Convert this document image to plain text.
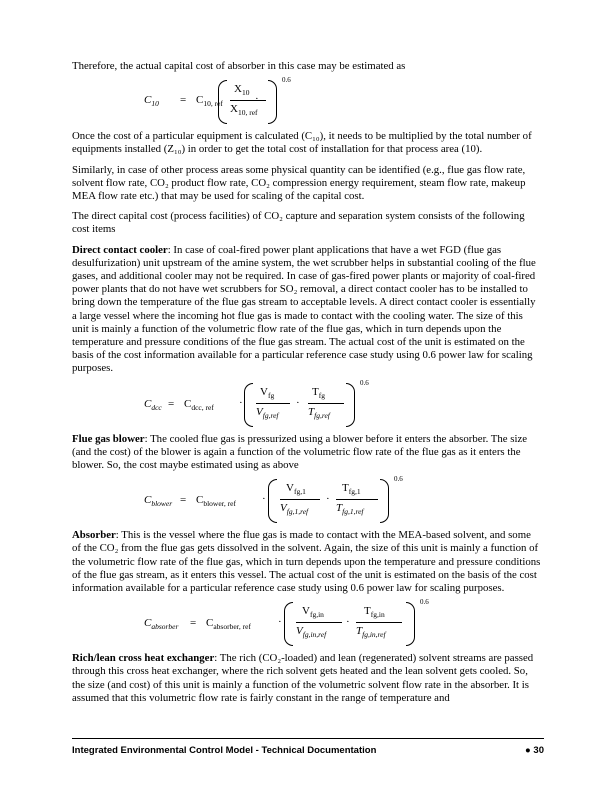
Therefore, the actual capital cost of absorber in this case may be estimated as

$C_{10} = C_{10, ref}$	·
$X_{10}$
$X_{10, ref}$
0.6

Once the cost of a particular equipment is calculated (C₁₀), it needs to be multiplied by the total number of equipments installed (Z₁₀) in order to get the total cost of installation for that process area (10).

Similarly, in case of other process areas some physical quantity can be identified (e.g., flue gas flow rate, solvent flow rate, CO₂ product flow rate, CO₂ compression energy requirement, steam flow rate, makeup MEA flow rate etc.) that may be used for scaling of the capital cost.

The direct capital cost (process facilities) of CO₂ capture and separation system consists of the following cost items

Direct contact cooler: In case of coal-fired power plant applications that have a wet FGD (flue gas desulfurization) unit upstream of the amine system, the wet scrubber helps in substantial cooling of the flue gases, and additional cooler may not be required. In case of gas-fired power plants or majority of coal-fired power plants that do not have wet scrubbers for SO₂ removal, a direct contact cooler has to be installed to bring down the temperature of the flue gas stream to acceptable levels. A direct contact cooler is essentially a large vessel where the incoming hot flue gas is made to contact with the cooling water. The size of this unit is mainly a function of the volumetric flow rate of the flue gas, which in turn depends upon the temperature and pressure conditions of the flue gas stream. The actual cost of the unit is estimated on the basis of the cost information available for a particular reference case study using 0.6 power law for scaling purposes.

$C_{dcc} = C_{dcc, ref}$ ·
$V_{fg}$
$V_{fg,ref}$
·
$T_{fg}$
$T_{fg,ref}$
0.6

Flue gas blower: The cooled flue gas is pressurized using a blower before it enters the absorber. The size (and the cost) of the blower is again a function of the volumetric flow rate of the flue gas as it enters the blower. So, the cost maybe estimated using as above

$C_{blower} = C_{blower, ref}$ ·
$V_{fg,1}$
$V_{fg,1,ref}$
·
$T_{fg,1}$
$T_{fg,1,ref}$
0.6

Absorber: This is the vessel where the flue gas is made to contact with the MEA-based solvent, and some of the CO₂ from the flue gas gets dissolved in the solvent. Again, the size of this unit is mainly a function of the volumetric flow rate of the flue gas, which in turn depends upon the temperature and pressure conditions of the flue gas stream, as it enters this vessel. The actual cost of the unit is estimated on the basis of the cost information available for a particular reference case study using 0.6 power law for scaling purposes.

$C_{absorber} = C_{absorber, ref}$ ·
$V_{fg,in}$
$V_{fg,in,ref}$
·
$T_{fg,in}$
$T_{fg,in,ref}$
0.6

Rich/lean cross heat exchanger: The rich (CO₂-loaded) and lean (regenerated) solvent streams are passed through this cross heat exchanger, where the rich solvent gets heated and the lean solvent gets cooled. So, the size (and cost) of this unit is mainly a function of the volumetric solvent flow rate in the absorber. It is assumed that this volumetric flow rate is fairly constant in the range of temperature and

Integrated Environmental Control Model - Technical Documentation	● 30
